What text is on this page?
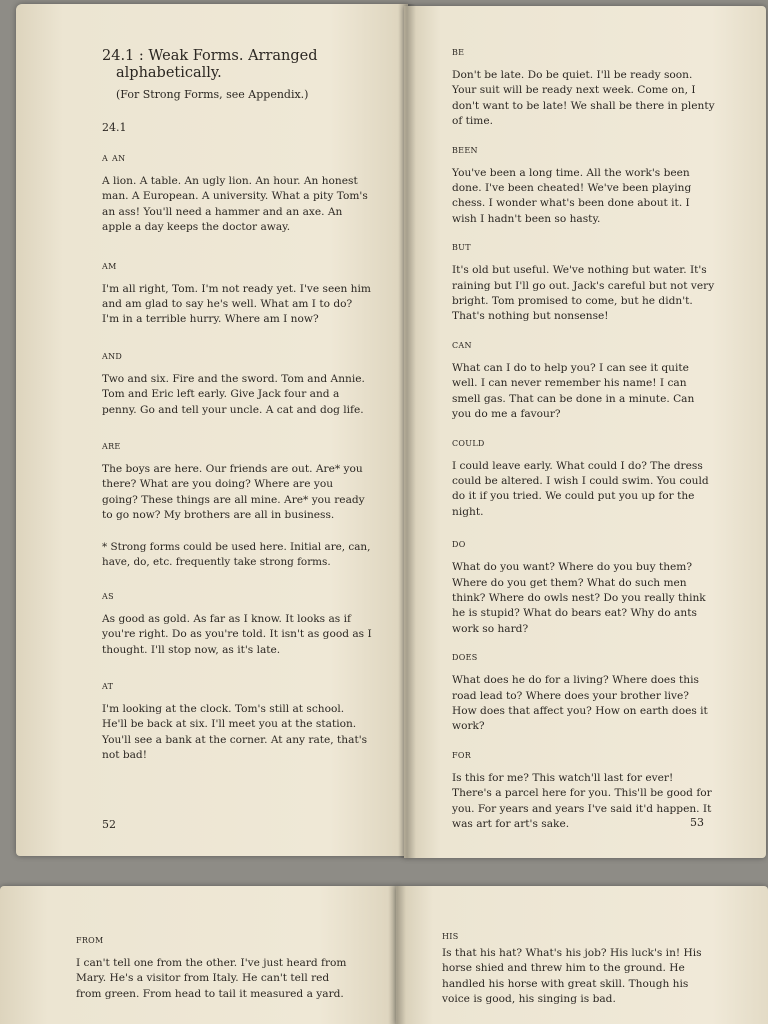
24.1 : Weak Forms. Arranged
alphabetically.
(For Strong Forms, see Appendix.)
24.1
a an

A lion. A table. An ugly lion. An hour. An honest man. A European. A university. What a pity Tom's an ass! You'll need a hammer and an axe. An apple a day keeps the doctor away.

am

I'm all right, Tom. I'm not ready yet. I've seen him and am glad to say he's well. What am I to do? I'm in a terrible hurry. Where am I now?

and

Two and six. Fire and the sword. Tom and Annie. Tom and Eric left early. Give Jack four and a penny. Go and tell your uncle. A cat and dog life.

are

The boys are here. Our friends are out. Are* you there? What are you doing? Where are you going? These things are all mine. Are* you ready to go now? My brothers are all in business.

* Strong forms could be used here. Initial are, can, have, do, etc. frequently take strong forms.

as

As good as gold. As far as I know. It looks as if you're right. Do as you're told. It isn't as good as I thought. I'll stop now, as it's late.

at

I'm looking at the clock. Tom's still at school. He'll be back at six. I'll meet you at the station. You'll see a bank at the corner. At any rate, that's not bad!

52
be

Don't be late. Do be quiet. I'll be ready soon. Your suit will be ready next week. Come on, I don't want to be late! We shall be there in plenty of time.

been

You've been a long time. All the work's been done. I've been cheated! We've been playing chess. I wonder what's been done about it. I wish I hadn't been so hasty.

but

It's old but useful. We've nothing but water. It's raining but I'll go out. Jack's careful but not very bright. Tom promised to come, but he didn't. That's nothing but nonsense!

can

What can I do to help you? I can see it quite well. I can never remember his name! I can smell gas. That can be done in a minute. Can you do me a favour?

could

I could leave early. What could I do? The dress could be altered. I wish I could swim. You could do it if you tried. We could put you up for the night.

do

What do you want? Where do you buy them? Where do you get them? What do such men think? Where do owls nest? Do you really think he is stupid? What do bears eat? Why do ants work so hard?

does

What does he do for a living? Where does this road lead to? Where does your brother live? How does that affect you? How on earth does it work?

for

Is this for me? This watch'll last for ever! There's a parcel here for you. This'll be good for you. For years and years I've said it'd happen. It was art for art's sake.	53
from

I can't tell one from the other. I've just heard from Mary. He's a visitor from Italy. He can't tell red from green. From head to tail it measured a yard.

his

Is that his hat? What's his job? His luck's in! His horse shied and threw him to the ground. He handled his horse with great skill. Though his voice is good, his singing is bad.
